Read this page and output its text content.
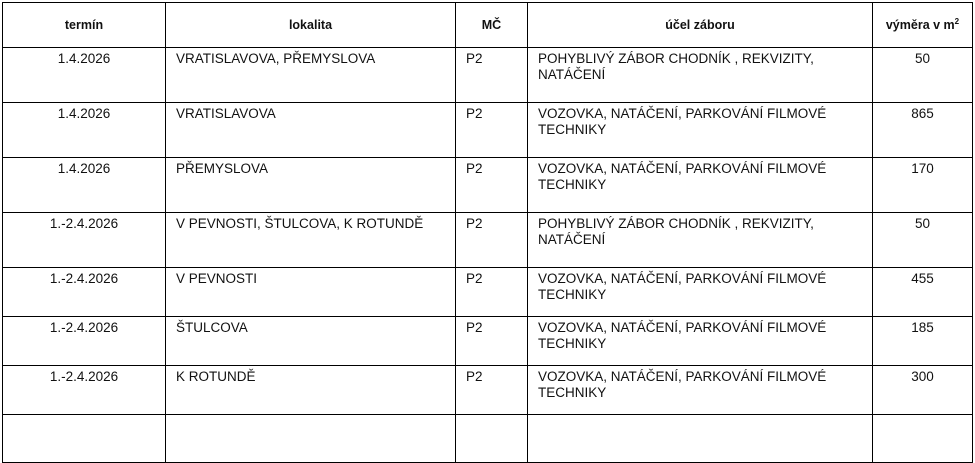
termín	lokalita	MČ	účel záboru	výměra v $m^2$

1.4.2026	VRATISLAVOVA, PŘEMYSLOVA	P2	POHYBLIVÝ ZÁBOR CHODNÍK , REKVIZITY, NATÁČENÍ	50
1.4.2026	VRATISLAVOVA	P2	VOZOVKA, NATÁČENÍ, PARKOVÁNÍ FILMOVÉ TECHNIKY	865
1.4.2026	PŘEMYSLOVA	P2	VOZOVKA, NATÁČENÍ, PARKOVÁNÍ FILMOVÉ TECHNIKY	170
1.-2.4.2026	V PEVNOSTI, ŠTULCOVA, K ROTUNDĚ	P2	POHYBLIVÝ ZÁBOR CHODNÍK , REKVIZITY, NATÁČENÍ	50
1.-2.4.2026	V PEVNOSTI	P2	VOZOVKA, NATÁČENÍ, PARKOVÁNÍ FILMOVÉ TECHNIKY	455
1.-2.4.2026	ŠTULCOVA	P2	VOZOVKA, NATÁČENÍ, PARKOVÁNÍ FILMOVÉ TECHNIKY	185
1.-2.4.2026	K ROTUNDĚ	P2	VOZOVKA, NATÁČENÍ, PARKOVÁNÍ FILMOVÉ TECHNIKY	300
